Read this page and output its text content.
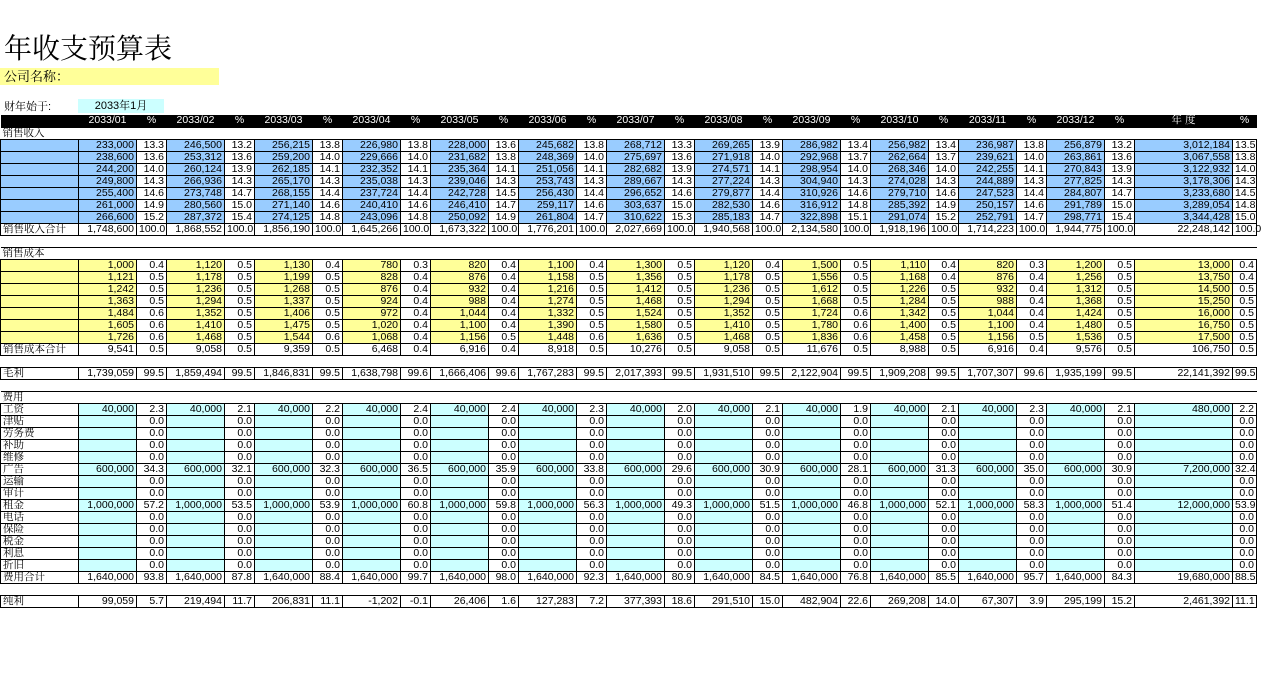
年收支预算表
公司名称：
财年始于:	2033年1月
	2033/01	%	2033/02	%	2033/03	%	2033/04	%	2033/05	%	2033/06	%	2033/07	%	2033/08	%	2033/09	%	2033/10	%	2033/11	%	2033/12	%	年 度	%
销售收入																										
	233,000	13.3	246,500	13.2	256,215	13.8	226,980	13.8	228,000	13.6	245,682	13.8	268,712	13.3	269,265	13.9	286,982	13.4	256,982	13.4	236,987	13.8	256,879	13.2	3,012,184	13.5
	238,600	13.6	253,312	13.6	259,200	14.0	229,666	14.0	231,682	13.8	248,369	14.0	275,697	13.6	271,918	14.0	292,968	13.7	262,664	13.7	239,621	14.0	263,861	13.6	3,067,558	13.8
	244,200	14.0	260,124	13.9	262,185	14.1	232,352	14.1	235,364	14.1	251,056	14.1	282,682	13.9	274,571	14.1	298,954	14.0	268,346	14.0	242,255	14.1	270,843	13.9	3,122,932	14.0
	249,800	14.3	266,936	14.3	265,170	14.3	235,038	14.3	239,046	14.3	253,743	14.3	289,667	14.3	277,224	14.3	304,940	14.3	274,028	14.3	244,889	14.3	277,825	14.3	3,178,306	14.3
	255,400	14.6	273,748	14.7	268,155	14.4	237,724	14.4	242,728	14.5	256,430	14.4	296,652	14.6	279,877	14.4	310,926	14.6	279,710	14.6	247,523	14.4	284,807	14.7	3,233,680	14.5
	261,000	14.9	280,560	15.0	271,140	14.6	240,410	14.6	246,410	14.7	259,117	14.6	303,637	15.0	282,530	14.6	316,912	14.8	285,392	14.9	250,157	14.6	291,789	15.0	3,289,054	14.8
	266,600	15.2	287,372	15.4	274,125	14.8	243,096	14.8	250,092	14.9	261,804	14.7	310,622	15.3	285,183	14.7	322,898	15.1	291,074	15.2	252,791	14.7	298,771	15.4	3,344,428	15.0
销售收入合计	1,748,600	100.0	1,868,552	100.0	1,856,190	100.0	1,645,266	100.0	1,673,322	100.0	1,776,201	100.0	2,027,669	100.0	1,940,568	100.0	2,134,580	100.0	1,918,196	100.0	1,714,223	100.0	1,944,775	100.0	22,248,142	100.0

销售成本																										
	1,000	0.4	1,120	0.5	1,130	0.4	780	0.3	820	0.4	1,100	0.4	1,300	0.5	1,120	0.4	1,500	0.5	1,110	0.4	820	0.3	1,200	0.5	13,000	0.4
	1,121	0.5	1,178	0.5	1,199	0.5	828	0.4	876	0.4	1,158	0.5	1,356	0.5	1,178	0.5	1,556	0.5	1,168	0.4	876	0.4	1,256	0.5	13,750	0.4
	1,242	0.5	1,236	0.5	1,268	0.5	876	0.4	932	0.4	1,216	0.5	1,412	0.5	1,236	0.5	1,612	0.5	1,226	0.5	932	0.4	1,312	0.5	14,500	0.5
	1,363	0.5	1,294	0.5	1,337	0.5	924	0.4	988	0.4	1,274	0.5	1,468	0.5	1,294	0.5	1,668	0.5	1,284	0.5	988	0.4	1,368	0.5	15,250	0.5
	1,484	0.6	1,352	0.5	1,406	0.5	972	0.4	1,044	0.4	1,332	0.5	1,524	0.5	1,352	0.5	1,724	0.6	1,342	0.5	1,044	0.4	1,424	0.5	16,000	0.5
	1,605	0.6	1,410	0.5	1,475	0.5	1,020	0.4	1,100	0.4	1,390	0.5	1,580	0.5	1,410	0.5	1,780	0.6	1,400	0.5	1,100	0.4	1,480	0.5	16,750	0.5
	1,726	0.6	1,468	0.5	1,544	0.6	1,068	0.4	1,156	0.5	1,448	0.6	1,636	0.5	1,468	0.5	1,836	0.6	1,458	0.5	1,156	0.5	1,536	0.5	17,500	0.5
销售成本合计	9,541	0.5	9,058	0.5	9,359	0.5	6,468	0.4	6,916	0.4	8,918	0.5	10,276	0.5	9,058	0.5	11,676	0.5	8,988	0.5	6,916	0.4	9,576	0.5	106,750	0.5

毛利	1,739,059	99.5	1,859,494	99.5	1,846,831	99.5	1,638,798	99.6	1,666,406	99.6	1,767,283	99.5	2,017,393	99.5	1,931,510	99.5	2,122,904	99.5	1,909,208	99.5	1,707,307	99.6	1,935,199	99.5	22,141,392	99.5

费用																										
工资	40,000	2.3	40,000	2.1	40,000	2.2	40,000	2.4	40,000	2.4	40,000	2.3	40,000	2.0	40,000	2.1	40,000	1.9	40,000	2.1	40,000	2.3	40,000	2.1	480,000	2.2
津贴		0.0		0.0		0.0		0.0		0.0		0.0		0.0		0.0		0.0		0.0		0.0		0.0		0.0
劳务费		0.0		0.0		0.0		0.0		0.0		0.0		0.0		0.0		0.0		0.0		0.0		0.0		0.0
补助		0.0		0.0		0.0		0.0		0.0		0.0		0.0		0.0		0.0		0.0		0.0		0.0		0.0
维修		0.0		0.0		0.0		0.0		0.0		0.0		0.0		0.0		0.0		0.0		0.0		0.0		0.0
广告	600,000	34.3	600,000	32.1	600,000	32.3	600,000	36.5	600,000	35.9	600,000	33.8	600,000	29.6	600,000	30.9	600,000	28.1	600,000	31.3	600,000	35.0	600,000	30.9	7,200,000	32.4
运输		0.0		0.0		0.0		0.0		0.0		0.0		0.0		0.0		0.0		0.0		0.0		0.0		0.0
审计		0.0		0.0		0.0		0.0		0.0		0.0		0.0		0.0		0.0		0.0		0.0		0.0		0.0
租金	1,000,000	57.2	1,000,000	53.5	1,000,000	53.9	1,000,000	60.8	1,000,000	59.8	1,000,000	56.3	1,000,000	49.3	1,000,000	51.5	1,000,000	46.8	1,000,000	52.1	1,000,000	58.3	1,000,000	51.4	12,000,000	53.9
电话		0.0		0.0		0.0		0.0		0.0		0.0		0.0		0.0		0.0		0.0		0.0		0.0		0.0
保险		0.0		0.0		0.0		0.0		0.0		0.0		0.0		0.0		0.0		0.0		0.0		0.0		0.0
税金		0.0		0.0		0.0		0.0		0.0		0.0		0.0		0.0		0.0		0.0		0.0		0.0		0.0
利息		0.0		0.0		0.0		0.0		0.0		0.0		0.0		0.0		0.0		0.0		0.0		0.0		0.0
折旧		0.0		0.0		0.0		0.0		0.0		0.0		0.0		0.0		0.0		0.0		0.0		0.0		0.0
费用合计	1,640,000	93.8	1,640,000	87.8	1,640,000	88.4	1,640,000	99.7	1,640,000	98.0	1,640,000	92.3	1,640,000	80.9	1,640,000	84.5	1,640,000	76.8	1,640,000	85.5	1,640,000	95.7	1,640,000	84.3	19,680,000	88.5

纯利	99,059	5.7	219,494	11.7	206,831	11.1	-1,202	-0.1	26,406	1.6	127,283	7.2	377,393	18.6	291,510	15.0	482,904	22.6	269,208	14.0	67,307	3.9	295,199	15.2	2,461,392	11.1
